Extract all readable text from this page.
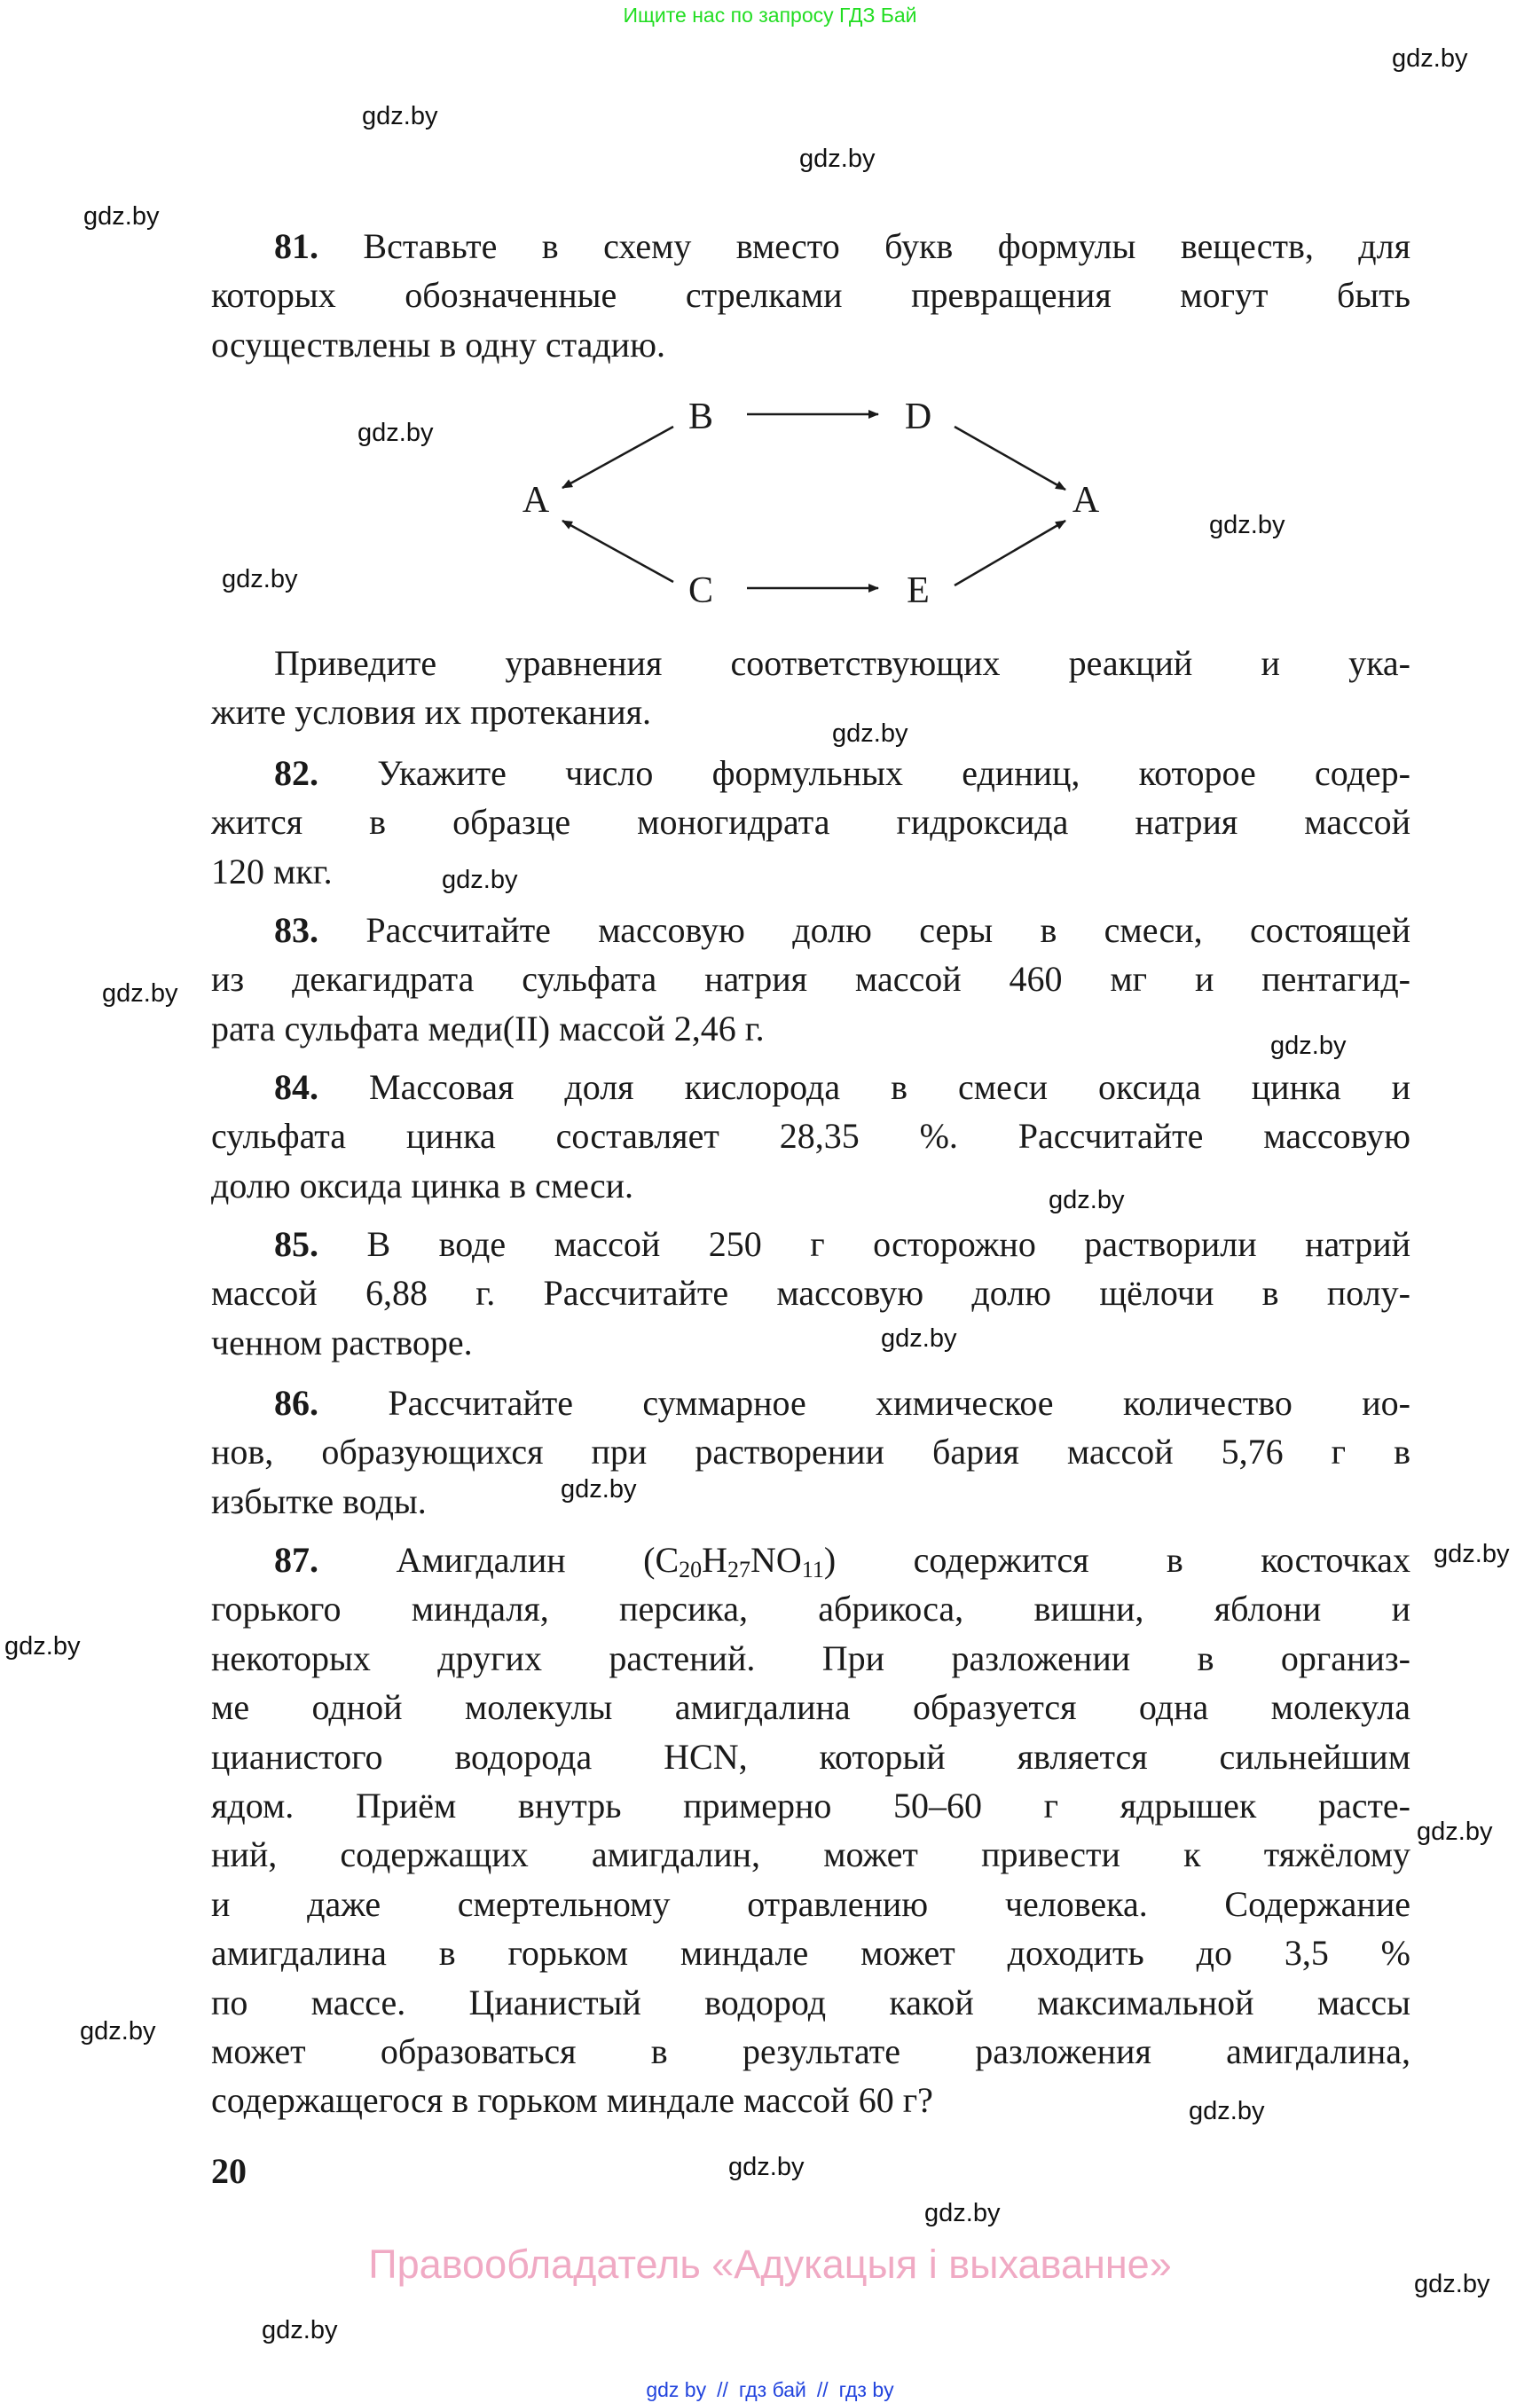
Ищите нас по запросу ГДЗ Бай
B	D
A	A
C	E
81. Вставьте в схему вместо букв формулы веществ, для
которых обозначенные стрелками превращения могут быть
осуществлены в одну стадию.
Приведите уравнения соответствующих реакций и ука-
жите условия их протекания.
82. Укажите число формульных единиц, которое содер-
жится в образце моногидрата гидроксида натрия массой
120 мкг.
83. Рассчитайте массовую долю серы в смеси, состоящей
из декагидрата сульфата натрия массой 460 мг и пентагид-
рата сульфата меди(II) массой 2,46 г.
84. Массовая доля кислорода в смеси оксида цинка и
сульфата цинка составляет 28,35 %. Рассчитайте массовую
долю оксида цинка в смеси.
85. В воде массой 250 г осторожно растворили натрий
массой 6,88 г. Рассчитайте массовую долю щёлочи в полу-
ченном растворе.
86. Рассчитайте суммарное химическое количество ио-
нов, образующихся при растворении бария массой 5,76 г в
избытке воды.
87. Амигдалин $(C_{20}H_{27}NO_{11})$ содержится в косточках
горького миндаля, персика, абрикоса, вишни, яблони и
некоторых других растений. При разложении в организ-
ме одной молекулы амигдалина образуется одна молекула
цианистого водорода HCN, который является сильнейшим
ядом. Приём внутрь примерно 50–60 г ядрышек расте-
ний, содержащих амигдалин, может привести к тяжёлому
и даже смертельному отравлению человека. Содержание
амигдалина в горьком миндале может доходить до 3,5 %
по массе. Цианистый водород какой максимальной массы
может образоваться в результате разложения амигдалина,
содержащегося в горьком миндале массой 60 г?
20
Правообладатель «Адукацыя і выхаванне»
gdz by // гдз бай // гдз by
gdz.by
gdz.by
gdz.by
gdz.by
gdz.by
gdz.by
gdz.by
gdz.by
gdz.by
gdz.by
gdz.by
gdz.by
gdz.by
gdz.by
gdz.by
gdz.by
gdz.by
gdz.by
gdz.by
gdz.by
gdz.by
gdz.by
gdz.by
